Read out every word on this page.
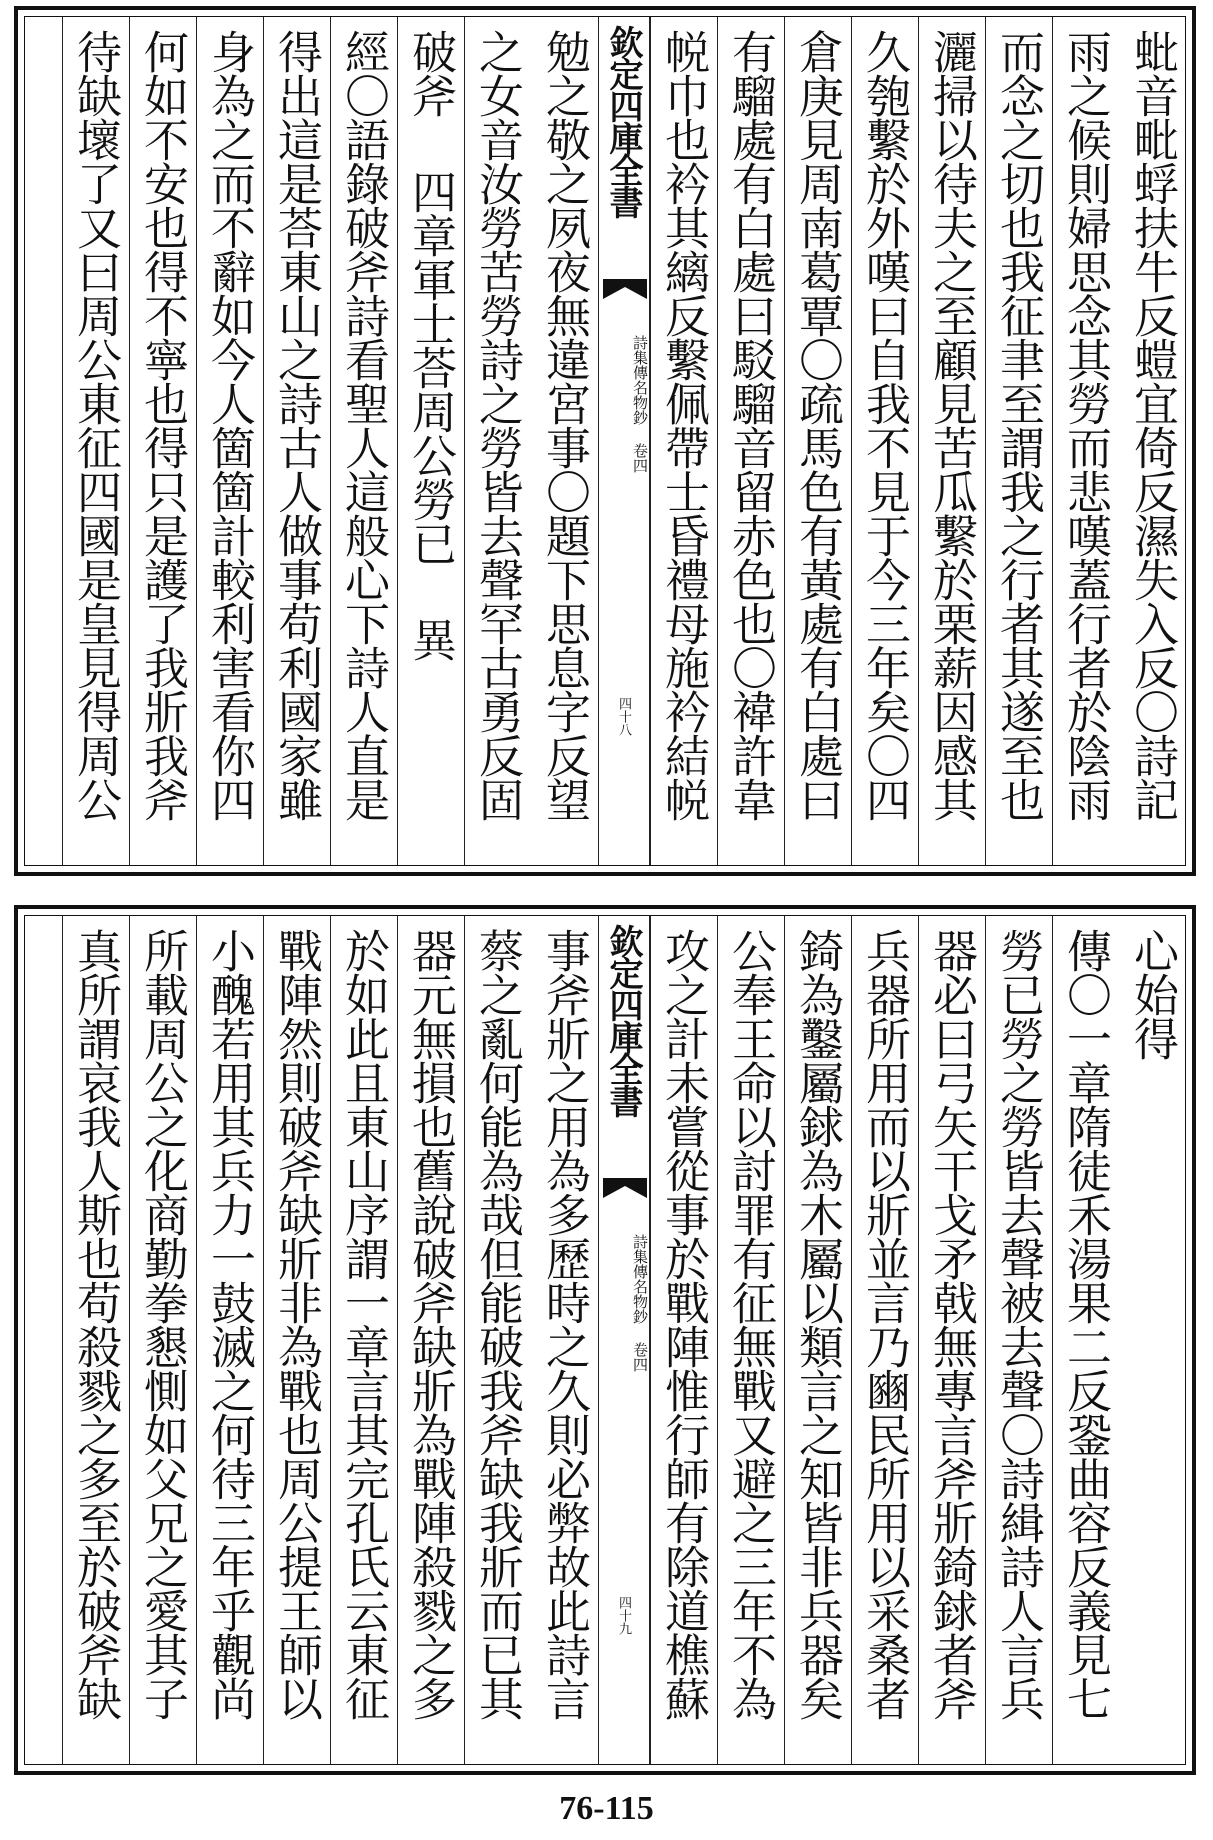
蚍音毗蜉扶牛反螘宜倚反濕失入反〇詩記
雨之候則婦思念其勞而悲嘆蓋行者於陰雨
而念之切也我征聿至謂我之行者其遂至也
灑掃以待夫之至顧見苦瓜繫於栗薪因感其
久匏繫於外嘆曰自我不見于今三年矣〇四
倉庚見周南葛覃〇疏馬色有黃處有白處曰
有騮處有白處曰駁騮音留赤色也〇褘許韋
帨巾也衿其縭反繫佩帶士昏禮母施衿結帨
欽定四庫全書
詩集傳名物鈔 卷四
四十八
勉之敬之夙夜無違宮事〇題下思息字反望
之女音汝勞苦勞詩之勞皆去聲罕古勇反固
破斧 四章軍士荅周公勞已 異
經〇語錄破斧詩看聖人這般心下詩人直是
得出這是荅東山之詩古人做事苟利國家雖
身為之而不辭如今人箇箇計較利害看你四
何如不安也得不寧也得只是護了我斨我斧
待缺壞了又曰周公東征四國是皇見得周公
心始得
傳〇一章隋徒禾湯果二反銎曲容反義見七
勞已勞之勞皆去聲被去聲〇詩緝詩人言兵
器必曰弓矢干戈矛戟無專言斧斨錡銶者斧
兵器所用而以斨並言乃豳民所用以采桑者
錡為鑿屬銶為木屬以類言之知皆非兵器矣
公奉王命以討罪有征無戰又避之三年不為
攻之計未嘗從事於戰陣惟行師有除道樵蘇
欽定四庫全書
詩集傳名物鈔 卷四
四十九
事斧斨之用為多歷時之久則必弊故此詩言
蔡之亂何能為哉但能破我斧缺我斨而已其
器元無損也舊說破斧缺斨為戰陣殺戮之多
於如此且東山序謂一章言其完孔氏云東征
戰陣然則破斧缺斨非為戰也周公提王師以
小醜若用其兵力一鼓滅之何待三年乎觀尚
所載周公之化商勤拳懇惻如父兄之愛其子
真所謂哀我人斯也苟殺戮之多至於破斧缺
76-115
